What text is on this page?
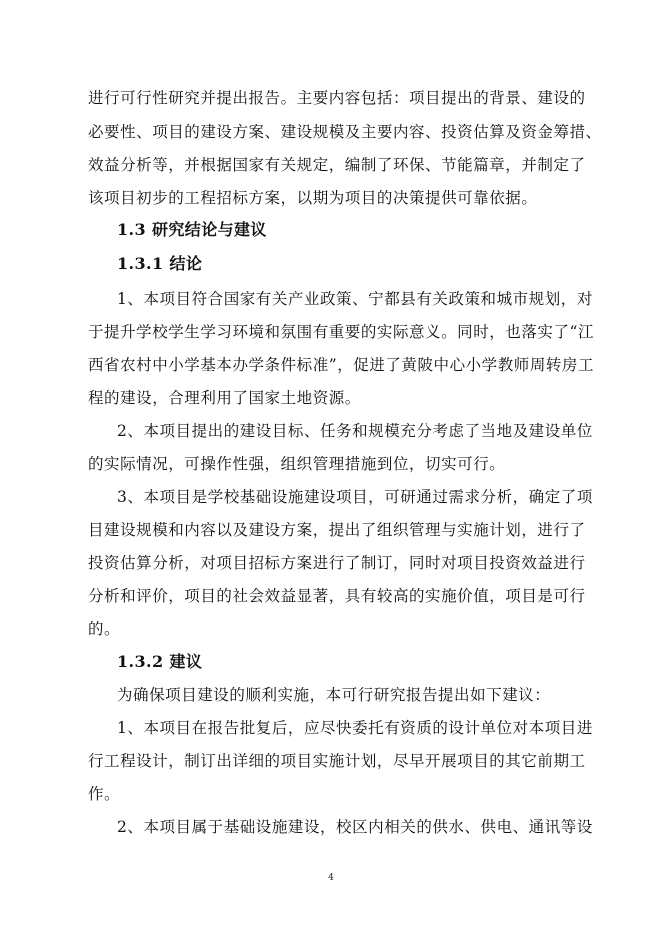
进行可行性研究并提出报告。主要内容包括：项目提出的背景、建设的
必要性、项目的建设方案、建设规模及主要内容、投资估算及资金筹措、
效益分析等，并根据国家有关规定，编制了环保、节能篇章，并制定了
该项目初步的工程招标方案，以期为项目的决策提供可靠依据。
1.3 研究结论与建议
1.3.1 结论
1、本项目符合国家有关产业政策、宁都县有关政策和城市规划，对
于提升学校学生学习环境和氛围有重要的实际意义。同时，也落实了“江
西省农村中小学基本办学条件标准”，促进了黄陂中心小学教师周转房工
程的建设，合理利用了国家土地资源。
2、本项目提出的建设目标、任务和规模充分考虑了当地及建设单位
的实际情况，可操作性强，组织管理措施到位，切实可行。
3、本项目是学校基础设施建设项目，可研通过需求分析，确定了项
目建设规模和内容以及建设方案，提出了组织管理与实施计划，进行了
投资估算分析，对项目招标方案进行了制订，同时对项目投资效益进行
分析和评价，项目的社会效益显著，具有较高的实施价值，项目是可行
的。
1.3.2 建议
为确保项目建设的顺利实施，本可行研究报告提出如下建议：
1、本项目在报告批复后，应尽快委托有资质的设计单位对本项目进
行工程设计，制订出详细的项目实施计划，尽早开展项目的其它前期工
作。
2、本项目属于基础设施建设，校区内相关的供水、供电、通讯等设
4
